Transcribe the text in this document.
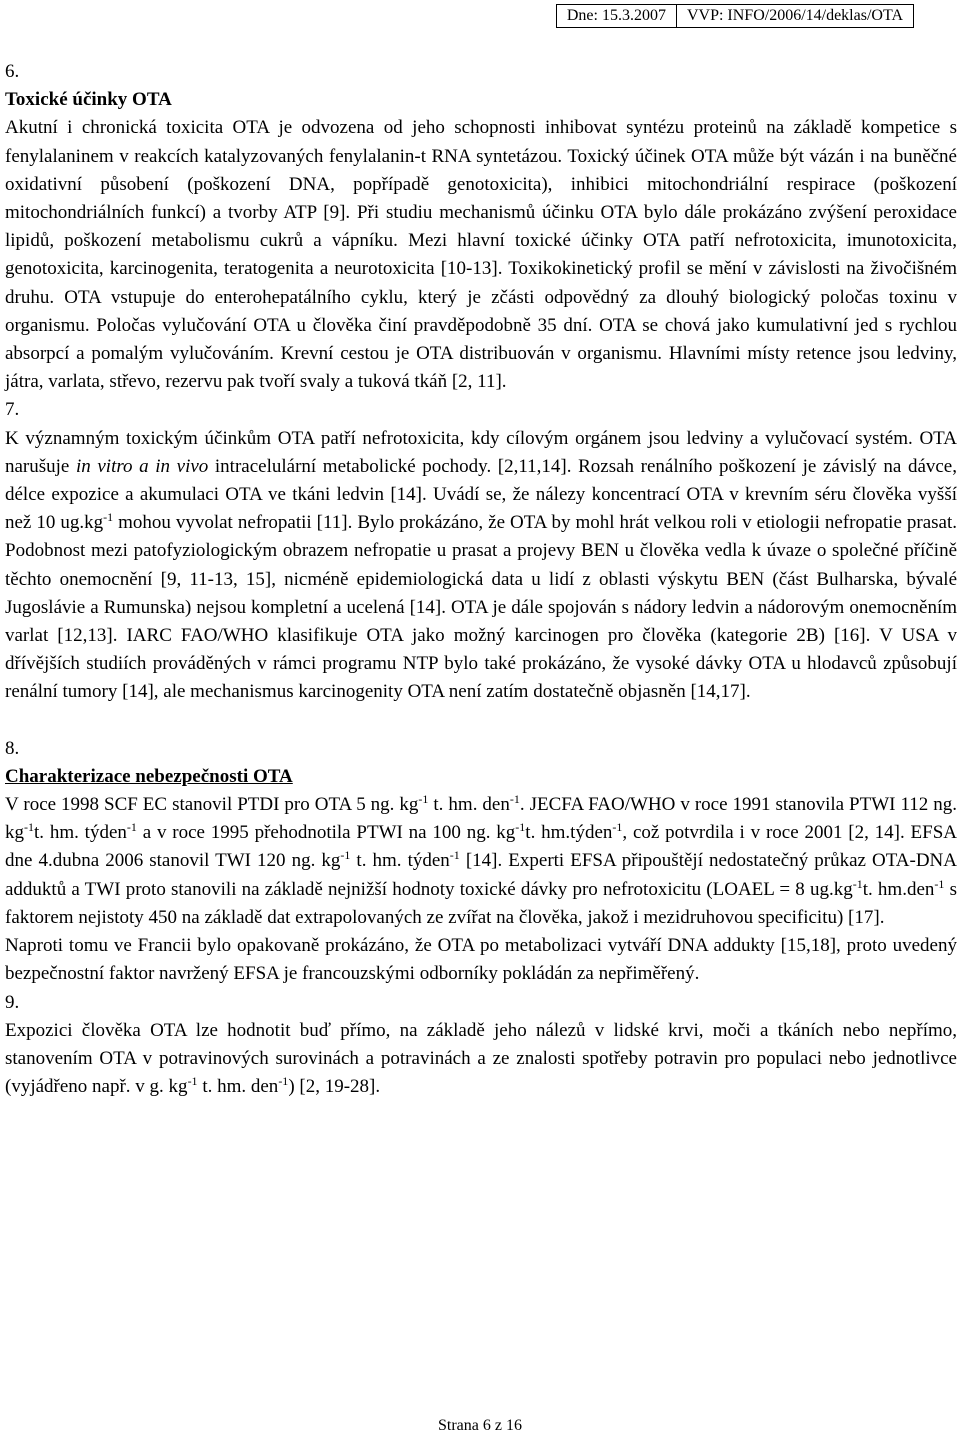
Dne: 15.3.2007	VVP: INFO/2006/14/deklas/OTA
6.
Toxické účinky OTA

Akutní i chronická toxicita OTA je odvozena od jeho schopnosti inhibovat syntézu proteinů na základě kompetice s fenylalaninem v reakcích katalyzovaných fenylalanin-t RNA syntetázou. Toxický účinek OTA může být vázán i na buněčné oxidativní působení (poškození DNA, popřípadě genotoxicita), inhibici mitochondriální respirace (poškození mitochondriálních funkcí) a tvorby ATP [9]. Při studiu mechanismů účinku OTA bylo dále prokázáno zvýšení peroxidace lipidů, poškození metabolismu cukrů a vápníku. Mezi hlavní toxické účinky OTA patří nefrotoxicita, imunotoxicita, genotoxicita, karcinogenita, teratogenita a neurotoxicita [10-13]. Toxikokinetický profil se mění v závislosti na živočišném druhu. OTA vstupuje do enterohepatálního cyklu, který je zčásti odpovědný za dlouhý biologický poločas toxinu v organismu. Poločas vylučování OTA u člověka činí pravděpodobně 35 dní. OTA se chová jako kumulativní jed s rychlou absorpcí a pomalým vylučováním. Krevní cestou je OTA distribuován v organismu. Hlavními místy retence jsou ledviny, játra, varlata, střevo, rezervu pak tvoří svaly a tuková tkáň [2, 11].

7.

K významným toxickým účinkům OTA patří nefrotoxicita, kdy cílovým orgánem jsou ledviny a vylučovací systém. OTA narušuje in vitro a in vivo intracelulární metabolické pochody. [2,11,14]. Rozsah renálního poškození je závislý na dávce, délce expozice a akumulaci OTA ve tkáni ledvin [14]. Uvádí se, že nálezy koncentrací OTA v krevním séru člověka vyšší než 10 $ug.kg^{-1}$ mohou vyvolat nefropatii [11]. Bylo prokázáno, že OTA by mohl hrát velkou roli v etiologii nefropatie prasat. Podobnost mezi patofyziologickým obrazem nefropatie u prasat a projevy BEN u člověka vedla k úvaze o společné příčině těchto onemocnění [9, 11-13, 15], nicméně epidemiologická data u lidí z oblasti výskytu BEN (část Bulharska, bývalé Jugoslávie a Rumunska) nejsou kompletní a ucelená [14]. OTA je dále spojován s nádory ledvin a nádorovým onemocněním varlat [12,13]. IARC FAO/WHO klasifikuje OTA jako možný karcinogen pro člověka (kategorie 2B) [16]. V USA v dřívějších studiích prováděných v rámci programu NTP bylo také prokázáno, že vysoké dávky OTA u hlodavců způsobují renální tumory [14], ale mechanismus karcinogenity OTA není zatím dostatečně objasněn [14,17].

8.
Charakterizace nebezpečnosti OTA

V roce 1998 SCF EC stanovil PTDI pro OTA 5 ng. $kg^{-1}$ t. hm. den$^{-1}$. JECFA FAO/WHO v roce 1991 stanovila PTWI 112 ng. $kg^{-1}t$. hm. týden$^{-1}$ a v roce 1995 přehodnotila PTWI na 100 ng. $kg^{-1}t$. hm.týden$^{-1}$, což potvrdila i v roce 2001 [2, 14]. EFSA dne 4.dubna 2006 stanovil TWI 120 ng. $kg^{-1}$ t. hm. týden$^{-1}$ [14]. Experti EFSA připouštějí nedostatečný průkaz OTA-DNA adduktů a TWI proto stanovili na základě nejnižší hodnoty toxické dávky pro nefrotoxicitu (LOAEL = 8 $ug.kg^{-1}t$. hm.den$^{-1}$ s faktorem nejistoty 450 na základě dat extrapolovaných ze zvířat na člověka, jakož i mezidruhovou specificitu) [17].

Naproti tomu ve Francii bylo opakovaně prokázáno, že OTA po metabolizaci vytváří DNA addukty [15,18], proto uvedený bezpečnostní faktor navržený EFSA je francouzskými odborníky pokládán za nepřiměřený.

9.

Expozici člověka OTA lze hodnotit buď přímo, na základě jeho nálezů v lidské krvi, moči a tkáních nebo nepřímo, stanovením OTA v potravinových surovinách a potravinách a ze znalosti spotřeby potravin pro populaci nebo jednotlivce (vyjádřeno např. v g. $kg^{-1}$ t. hm. den$^{-1}$) [2, 19-28].

Strana 6 z 16
